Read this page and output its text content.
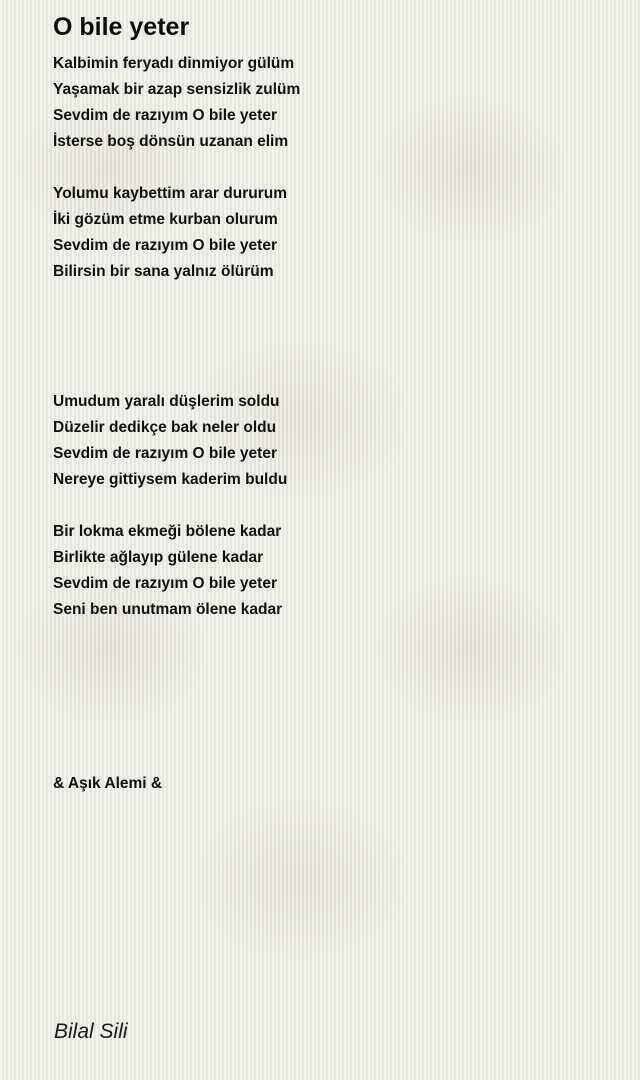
O bile yeter
Kalbimin feryadı dinmiyor gülüm
Yaşamak bir azap sensizlik zulüm
Sevdim de razıyım O bile yeter
İsterse boş dönsün uzanan elim
Yolumu kaybettim arar dururum
İki gözüm etme kurban olurum
Sevdim de razıyım O bile yeter
Bilirsin bir sana yalnız ölürüm
Umudum yaralı düşlerim soldu
Düzelir dedikçe bak neler oldu
Sevdim de razıyım O bile yeter
Nereye gittiysem kaderim buldu
Bir lokma ekmeği bölene kadar
Birlikte ağlayıp gülene kadar
Sevdim de razıyım O bile yeter
Seni ben unutmam ölene kadar
& Aşık Alemi &
Bilal Sili
